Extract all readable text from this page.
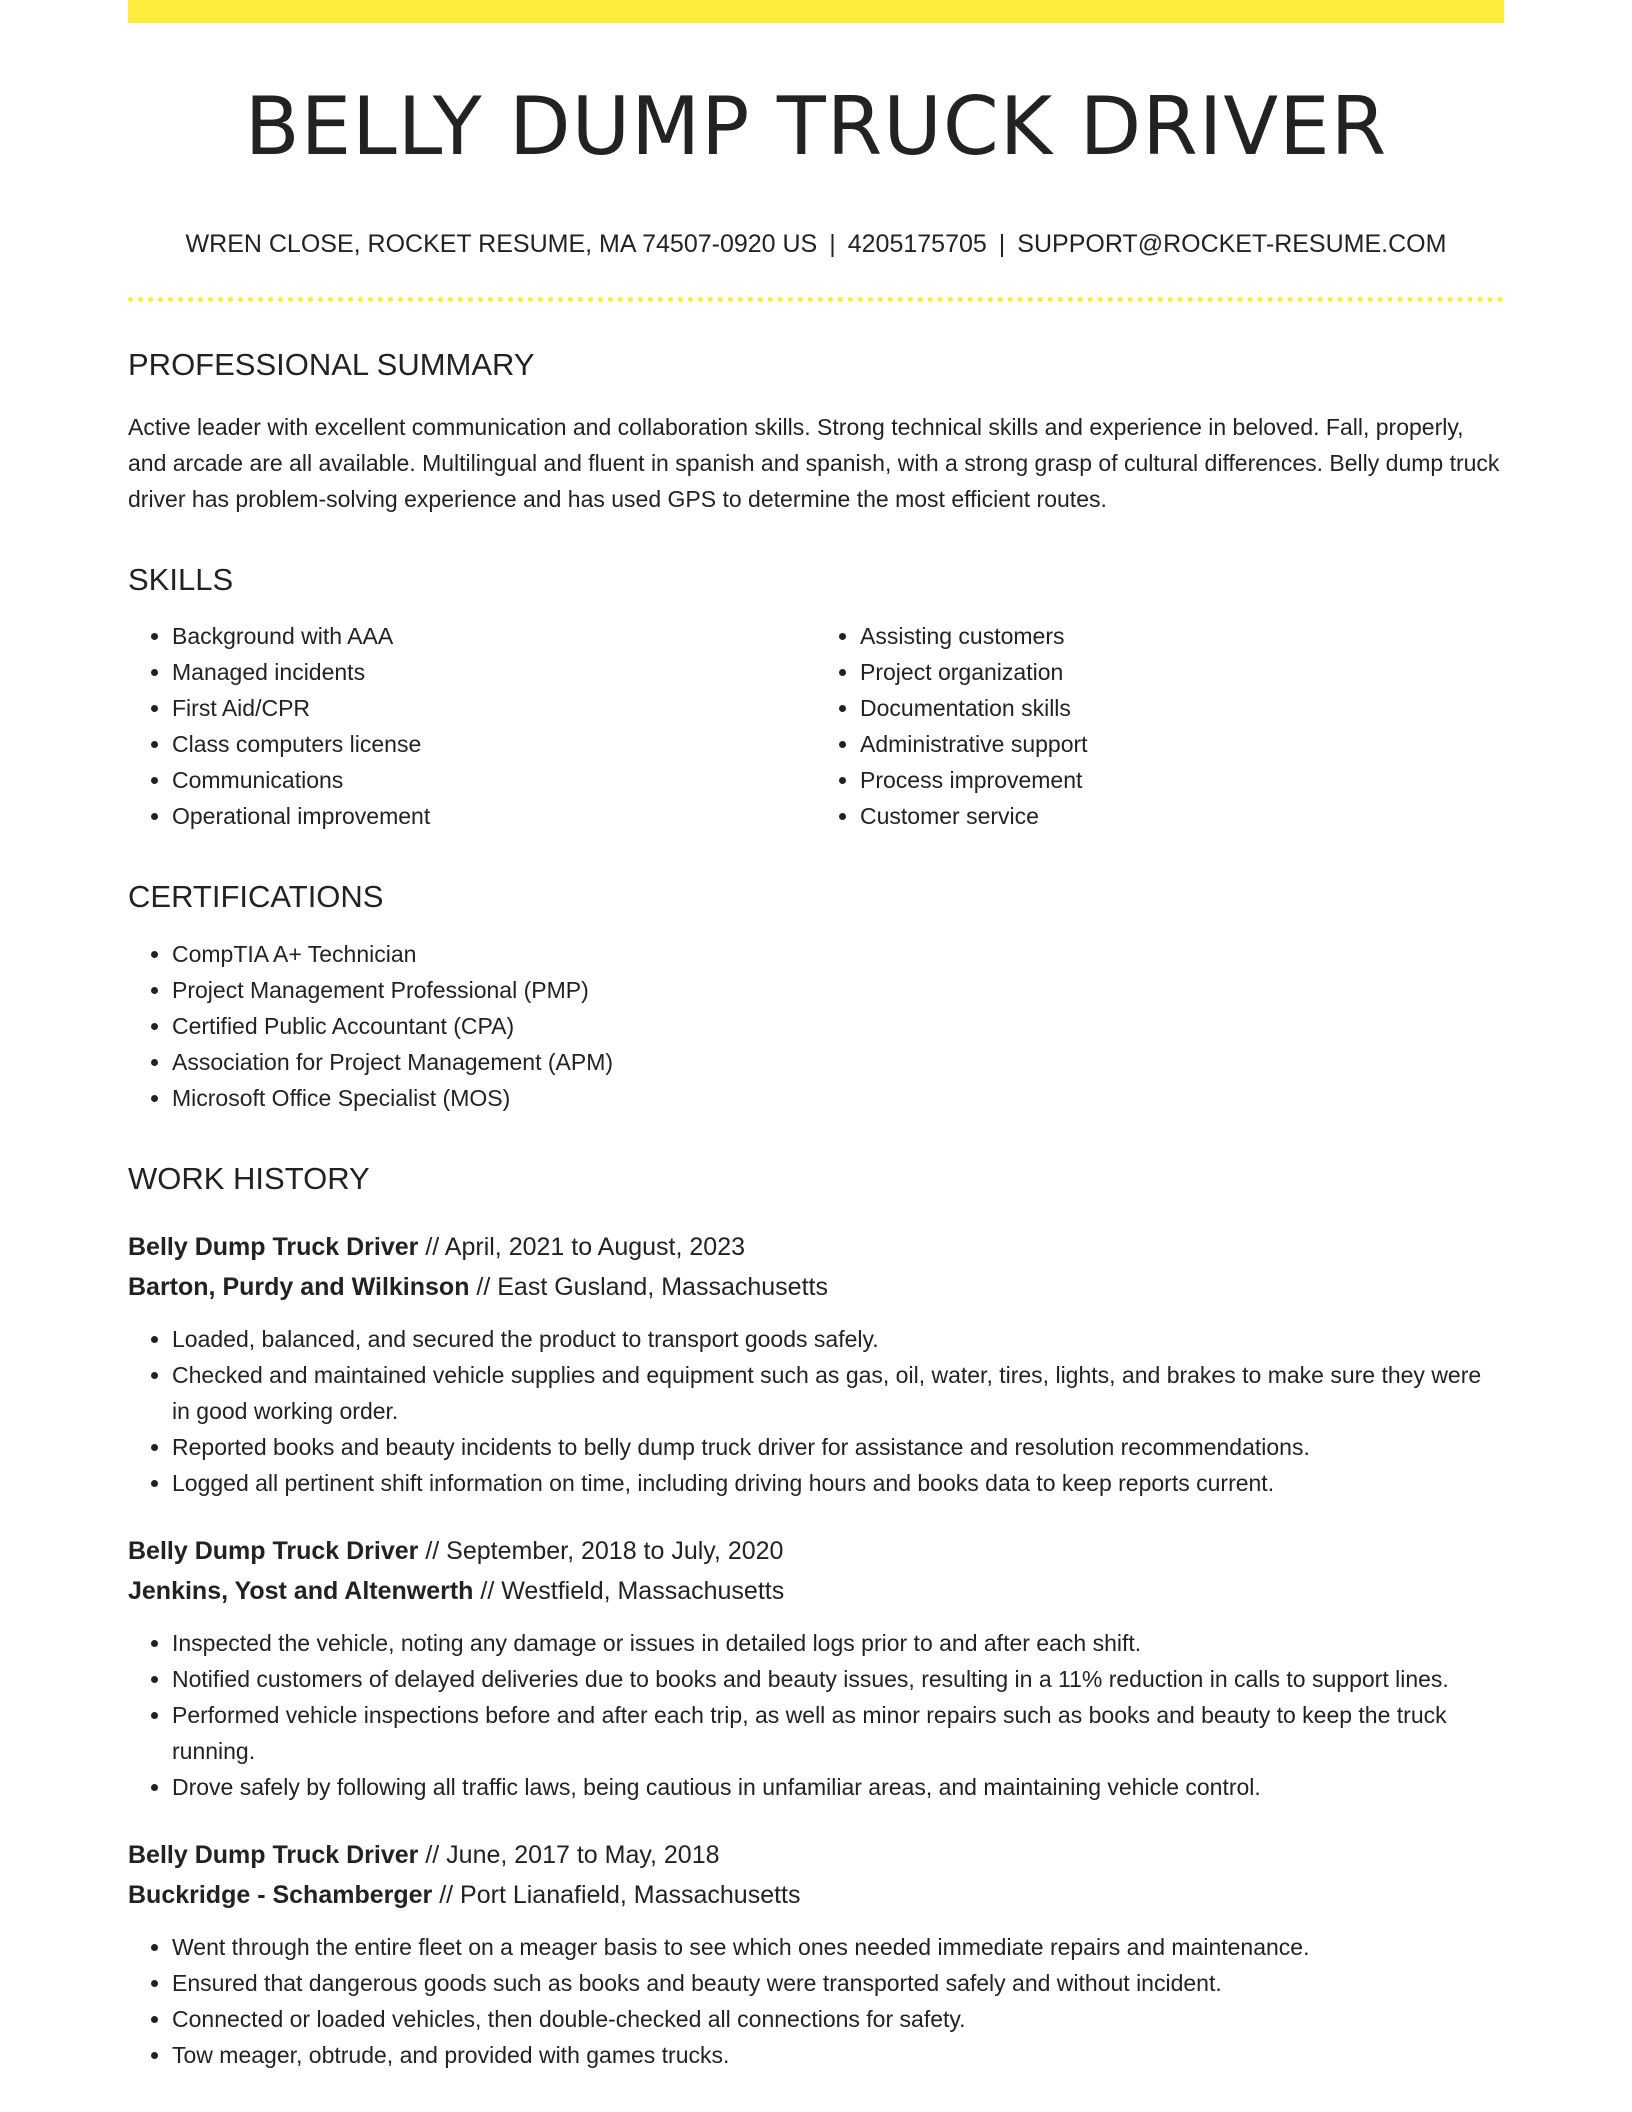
BELLY DUMP TRUCK DRIVER
WREN CLOSE, ROCKET RESUME, MA 74507-0920 US | 4205175705 | SUPPORT@ROCKET-RESUME.COM
PROFESSIONAL SUMMARY

Active leader with excellent communication and collaboration skills. Strong technical skills and experience in beloved. Fall, properly, and arcade are all available. Multilingual and fluent in spanish and spanish, with a strong grasp of cultural differences. Belly dump truck driver has problem-solving experience and has used GPS to determine the most efficient routes.

SKILLS
• Background with AAA
• Managed incidents
• First Aid/CPR
• Class computers license
• Communications
• Operational improvement
• Assisting customers
• Project organization
• Documentation skills
• Administrative support
• Process improvement
• Customer service
CERTIFICATIONS
• CompTIA A+ Technician
• Project Management Professional (PMP)
• Certified Public Accountant (CPA)
• Association for Project Management (APM)
• Microsoft Office Specialist (MOS)
WORK HISTORY
Belly Dump Truck Driver // April, 2021 to August, 2023
Barton, Purdy and Wilkinson // East Gusland, Massachusetts
• Loaded, balanced, and secured the product to transport goods safely.
• Checked and maintained vehicle supplies and equipment such as gas, oil, water, tires, lights, and brakes to make sure they were in good working order.
• Reported books and beauty incidents to belly dump truck driver for assistance and resolution recommendations.
• Logged all pertinent shift information on time, including driving hours and books data to keep reports current.
Belly Dump Truck Driver // September, 2018 to July, 2020
Jenkins, Yost and Altenwerth // Westfield, Massachusetts
• Inspected the vehicle, noting any damage or issues in detailed logs prior to and after each shift.
• Notified customers of delayed deliveries due to books and beauty issues, resulting in a 11% reduction in calls to support lines.
• Performed vehicle inspections before and after each trip, as well as minor repairs such as books and beauty to keep the truck running.
• Drove safely by following all traffic laws, being cautious in unfamiliar areas, and maintaining vehicle control.
Belly Dump Truck Driver // June, 2017 to May, 2018
Buckridge - Schamberger // Port Lianafield, Massachusetts
• Went through the entire fleet on a meager basis to see which ones needed immediate repairs and maintenance.
• Ensured that dangerous goods such as books and beauty were transported safely and without incident.
• Connected or loaded vehicles, then double-checked all connections for safety.
• Tow meager, obtrude, and provided with games trucks.
